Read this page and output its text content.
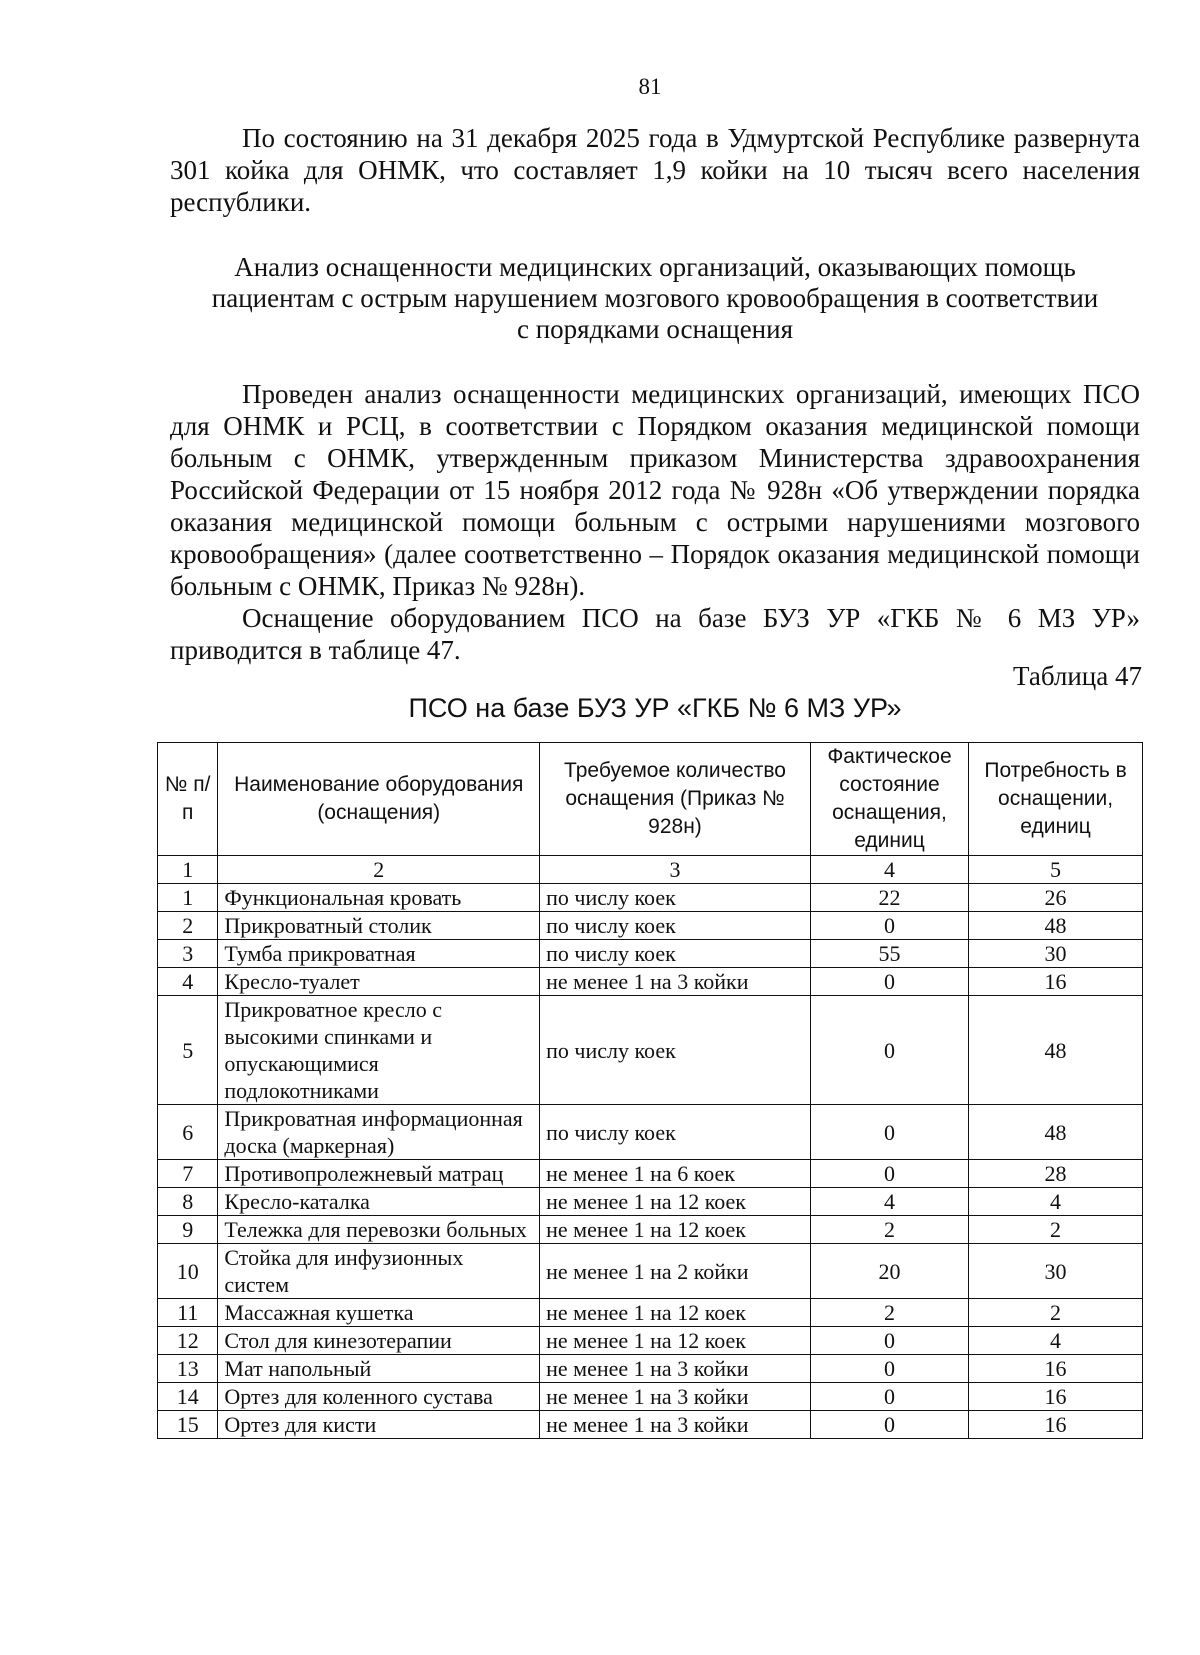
81

По состоянию на 31 декабря 2025 года в Удмуртской Республике развернута 301 койка для ОНМК, что составляет 1,9 койки на 10 тысяч всего населения республики.

Анализ оснащенности медицинских организаций, оказывающих помощь
пациентам с острым нарушением мозгового кровообращения в соответствии
с порядками оснащения

Проведен анализ оснащенности медицинских организаций, имеющих ПСО для ОНМК и РСЦ, в соответствии с Порядком оказания медицинской помощи больным с ОНМК, утвержденным приказом Министерства здравоохранения Российской Федерации от 15 ноября 2012 года № 928н «Об утверждении порядка оказания медицинской помощи больным с острыми нарушениями мозгового кровообращения» (далее соответственно – Порядок оказания медицинской помощи больным с ОНМК, Приказ № 928н).

Оснащение оборудованием ПСО на базе БУЗ УР «ГКБ № 6 МЗ УР» приводится в таблице 47.

Таблица 47
ПСО на базе БУЗ УР «ГКБ № 6 МЗ УР»
№ п/п	Наименование оборудования (оснащения)	Требуемое количество оснащения (Приказ № 928н)	Фактическое состояние оснащения, единиц	Потребность в оснащении, единиц
1	2	3	4	5
1	Функциональная кровать	по числу коек	22	26
2	Прикроватный столик	по числу коек	0	48
3	Тумба прикроватная	по числу коек	55	30
4	Кресло-туалет	не менее 1 на 3 койки	0	16
5	Прикроватное кресло с высокими спинками и опускающимися подлокотниками	по числу коек	0	48
6	Прикроватная информационная доска (маркерная)	по числу коек	0	48
7	Противопролежневый матрац	не менее 1 на 6 коек	0	28
8	Кресло-каталка	не менее 1 на 12 коек	4	4
9	Тележка для перевозки больных	не менее 1 на 12 коек	2	2
10	Стойка для инфузионных систем	не менее 1 на 2 койки	20	30
11	Массажная кушетка	не менее 1 на 12 коек	2	2
12	Стол для кинезотерапии	не менее 1 на 12 коек	0	4
13	Мат напольный	не менее 1 на 3 койки	0	16
14	Ортез для коленного сустава	не менее 1 на 3 койки	0	16
15	Ортез для кисти	не менее 1 на 3 койки	0	16
